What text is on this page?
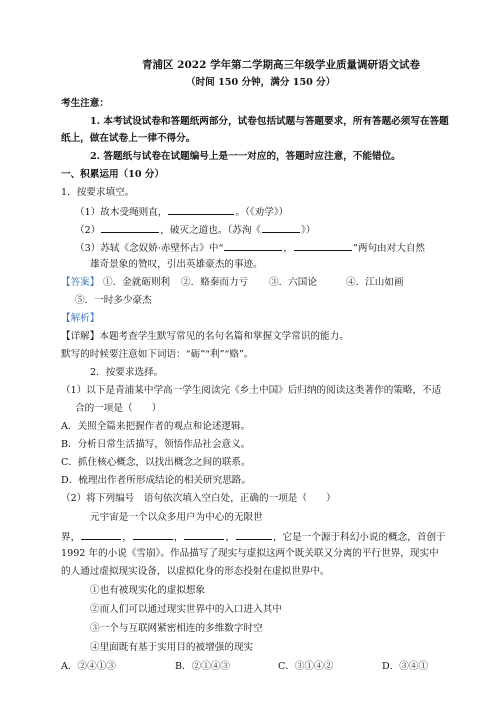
青浦区 2022 学年第二学期高三年级学业质量调研语文试卷
（时间 150 分钟，满分 150 分）
考生注意：
1. 本考试设试卷和答题纸两部分，试卷包括试题与答题要求，所有答题必须写在答题
纸上，做在试卷上一律不得分。
2. 答题纸与试卷在试题编号上是一一对应的，答题时应注意，不能错位。
一、积累运用（10 分）
1．按要求填空。
（1）故木受绳则直，	。（《劝学》）
（2）	，破灭之道也。（苏洵《	》）
（3）苏轼《念奴娇·赤壁怀古》中“	，	”两句由对大自然
雄奇景象的赞叹，引出英雄豪杰的事迹。
【答案】 ①．金就砺则利 ②．赂秦而力亏 ③．六国论	④．江山如画
⑤．一时多少豪杰
【解析】
【详解】本题考查学生默写常见的名句名篇和掌握文学常识的能力。
默写的时候要注意如下词语：“砺”“利”“赂”。
2．按要求选择。
（1）以下是青浦某中学高一学生阅读完《乡土中国》后归纳的阅读这类著作的策略，不适
合的一项是（　　）
A．关照全篇来把握作者的观点和论述逻辑。
B．分析日常生活描写，领悟作品社会意义。
C．抓住核心概念，以找出概念之间的联系。
D．梳理出作者所形成结论的相关研究思路。
（2）将下列编号　语句依次填入空白处，正确的一项是（　　）
元宇宙是一个以众多用户为中心的无限世
界，	，	，	，	，它是一个源于科幻小说的概念，首创于
1992 年的小说《雪崩》。作品描写了现实与虚拟这两个既关联又分离的平行世界，现实中
的人通过虚拟现实设备，以虚拟化身的形态投射在虚拟世界中。
①也有被现实化的虚拟想象
②而人们可以通过现实世界中的入口进入其中
③一个与互联网紧密相连的多维数字时空
④里面既有基于实用目的被增强的现实
A．②④①③	B．②①④③	C．③①④②	D．③④①
